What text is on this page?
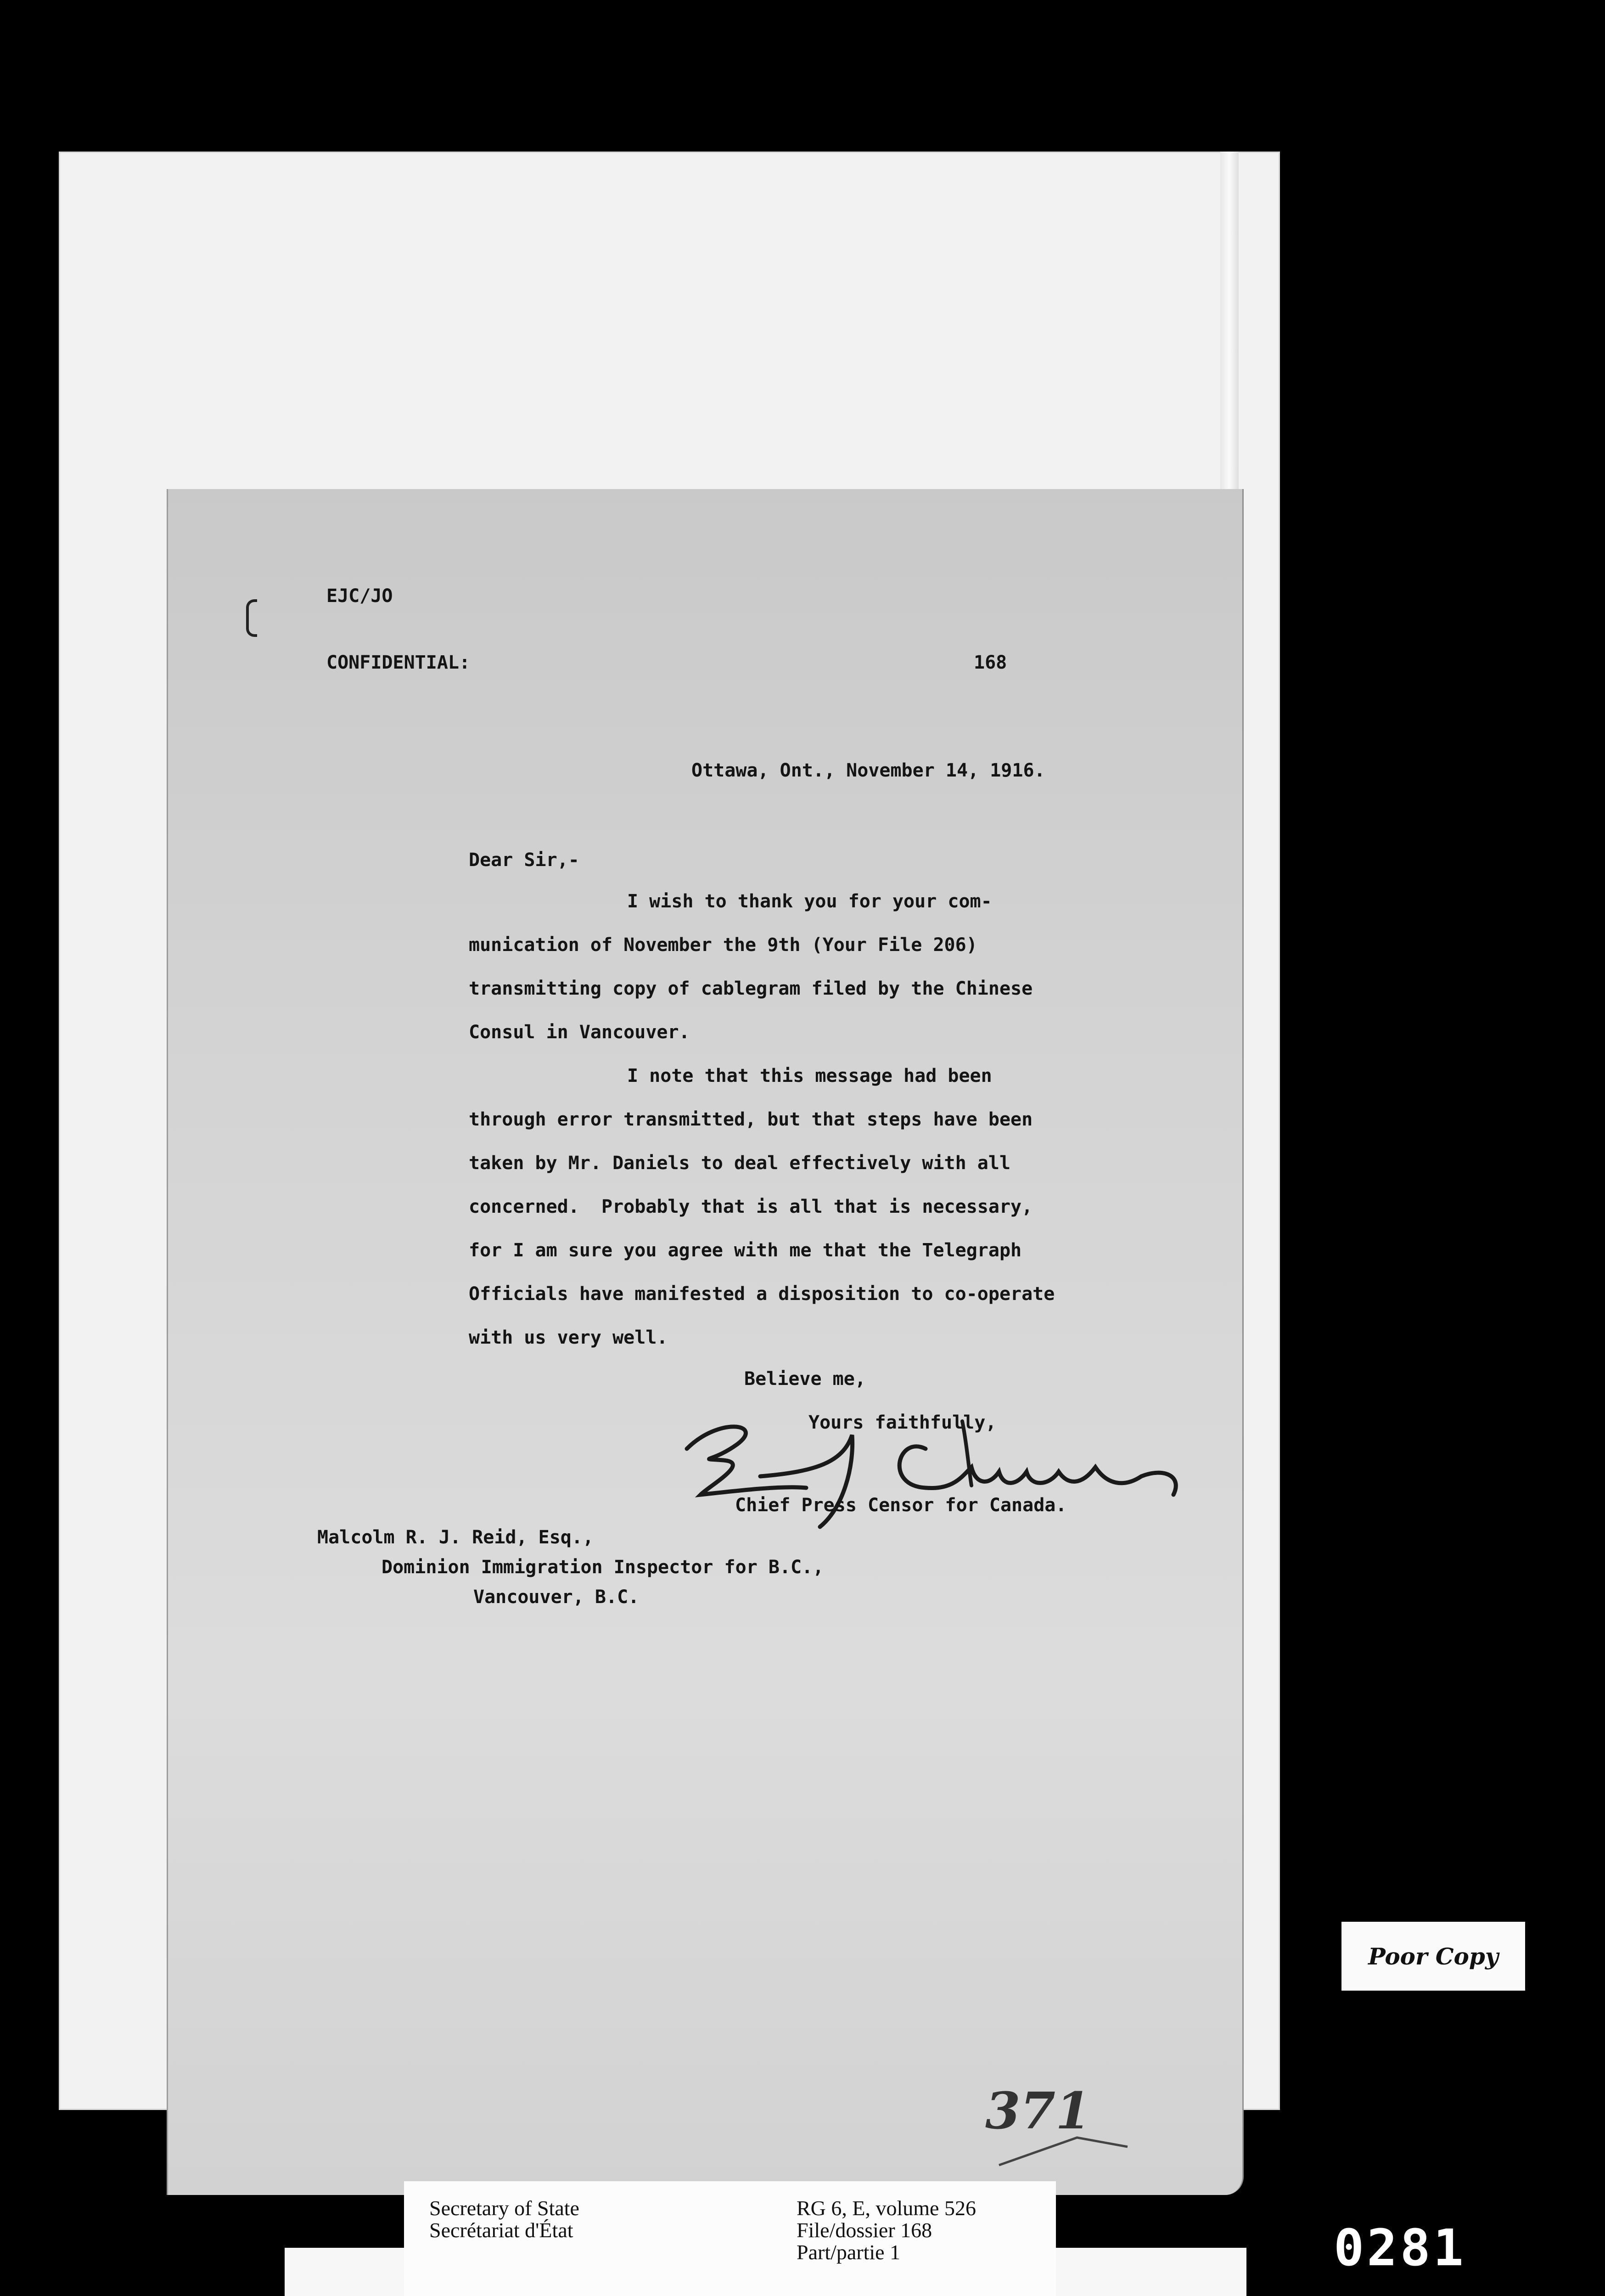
EJC/JO
CONFIDENTIAL:	168
Ottawa, Ont., November 14, 1916.
Dear Sir,-
I wish to thank you for your com-
munication of November the 9th (Your File 206)
transmitting copy of cablegram filed by the Chinese
Consul in Vancouver.
I note that this message had been
through error transmitted, but that steps have been
taken by Mr. Daniels to deal effectively with all
concerned.  Probably that is all that is necessary,
for I am sure you agree with me that the Telegraph
Officials have manifested a disposition to co-operate
with us very well.
Believe me,
Yours faithfully,
Chief Press Censor for Canada.
Malcolm R. J. Reid, Esq.,
Dominion Immigration Inspector for B.C.,
Vancouver, B.C.
371
Poor Copy
Secretary of State
Secrétariat d'État
RG 6, E, volume 526
File/dossier 168
Part/partie 1	0281
